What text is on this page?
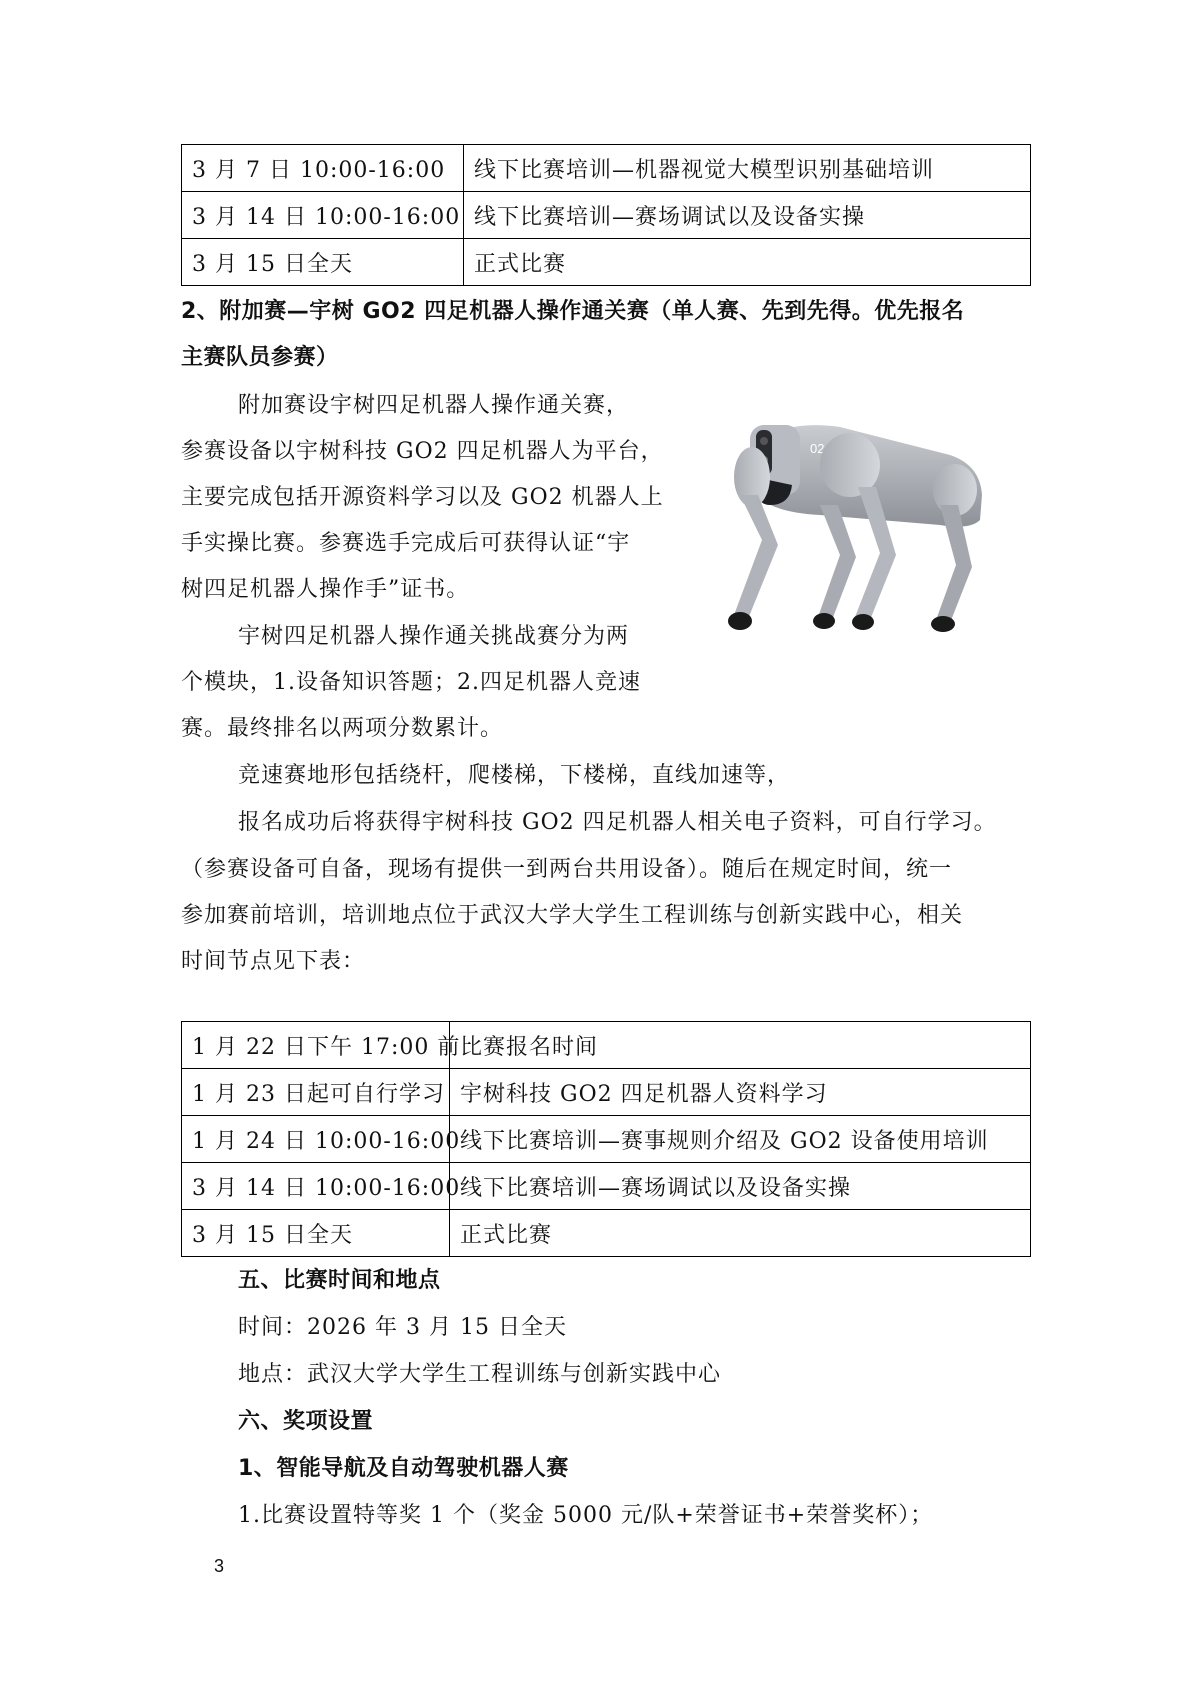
3 月 7 日 10:00-16:00	线下比赛培训—机器视觉大模型识别基础培训
3 月 14 日 10:00-16:00	线下比赛培训—赛场调试以及设备实操
3 月 15 日全天	正式比赛
2、附加赛—宇树 GO2 四足机器人操作通关赛（单人赛、先到先得。优先报名
主赛队员参赛）
附加赛设宇树四足机器人操作通关赛，
参赛设备以宇树科技 GO2 四足机器人为平台，
主要完成包括开源资料学习以及 GO2 机器人上
手实操比赛。参赛选手完成后可获得认证“宇
树四足机器人操作手”证书。
宇树四足机器人操作通关挑战赛分为两
个模块，1.设备知识答题；2.四足机器人竞速
赛。最终排名以两项分数累计。
竞速赛地形包括绕杆，爬楼梯，下楼梯，直线加速等，
报名成功后将获得宇树科技 GO2 四足机器人相关电子资料，可自行学习。
（参赛设备可自备，现场有提供一到两台共用设备）。随后在规定时间，统一
参加赛前培训，培训地点位于武汉大学大学生工程训练与创新实践中心，相关
时间节点见下表：
02
1 月 22 日下午 17:00 前	比赛报名时间
1 月 23 日起可自行学习	宇树科技 GO2 四足机器人资料学习
1 月 24 日 10:00-16:00	线下比赛培训—赛事规则介绍及 GO2 设备使用培训
3 月 14 日 10:00-16:00	线下比赛培训—赛场调试以及设备实操
3 月 15 日全天	正式比赛
五、比赛时间和地点
时间：2026 年 3 月 15 日全天
地点：武汉大学大学生工程训练与创新实践中心
六、奖项设置
1、智能导航及自动驾驶机器人赛
1.比赛设置特等奖 1 个（奖金 5000 元/队+荣誉证书+荣誉奖杯）；
3
